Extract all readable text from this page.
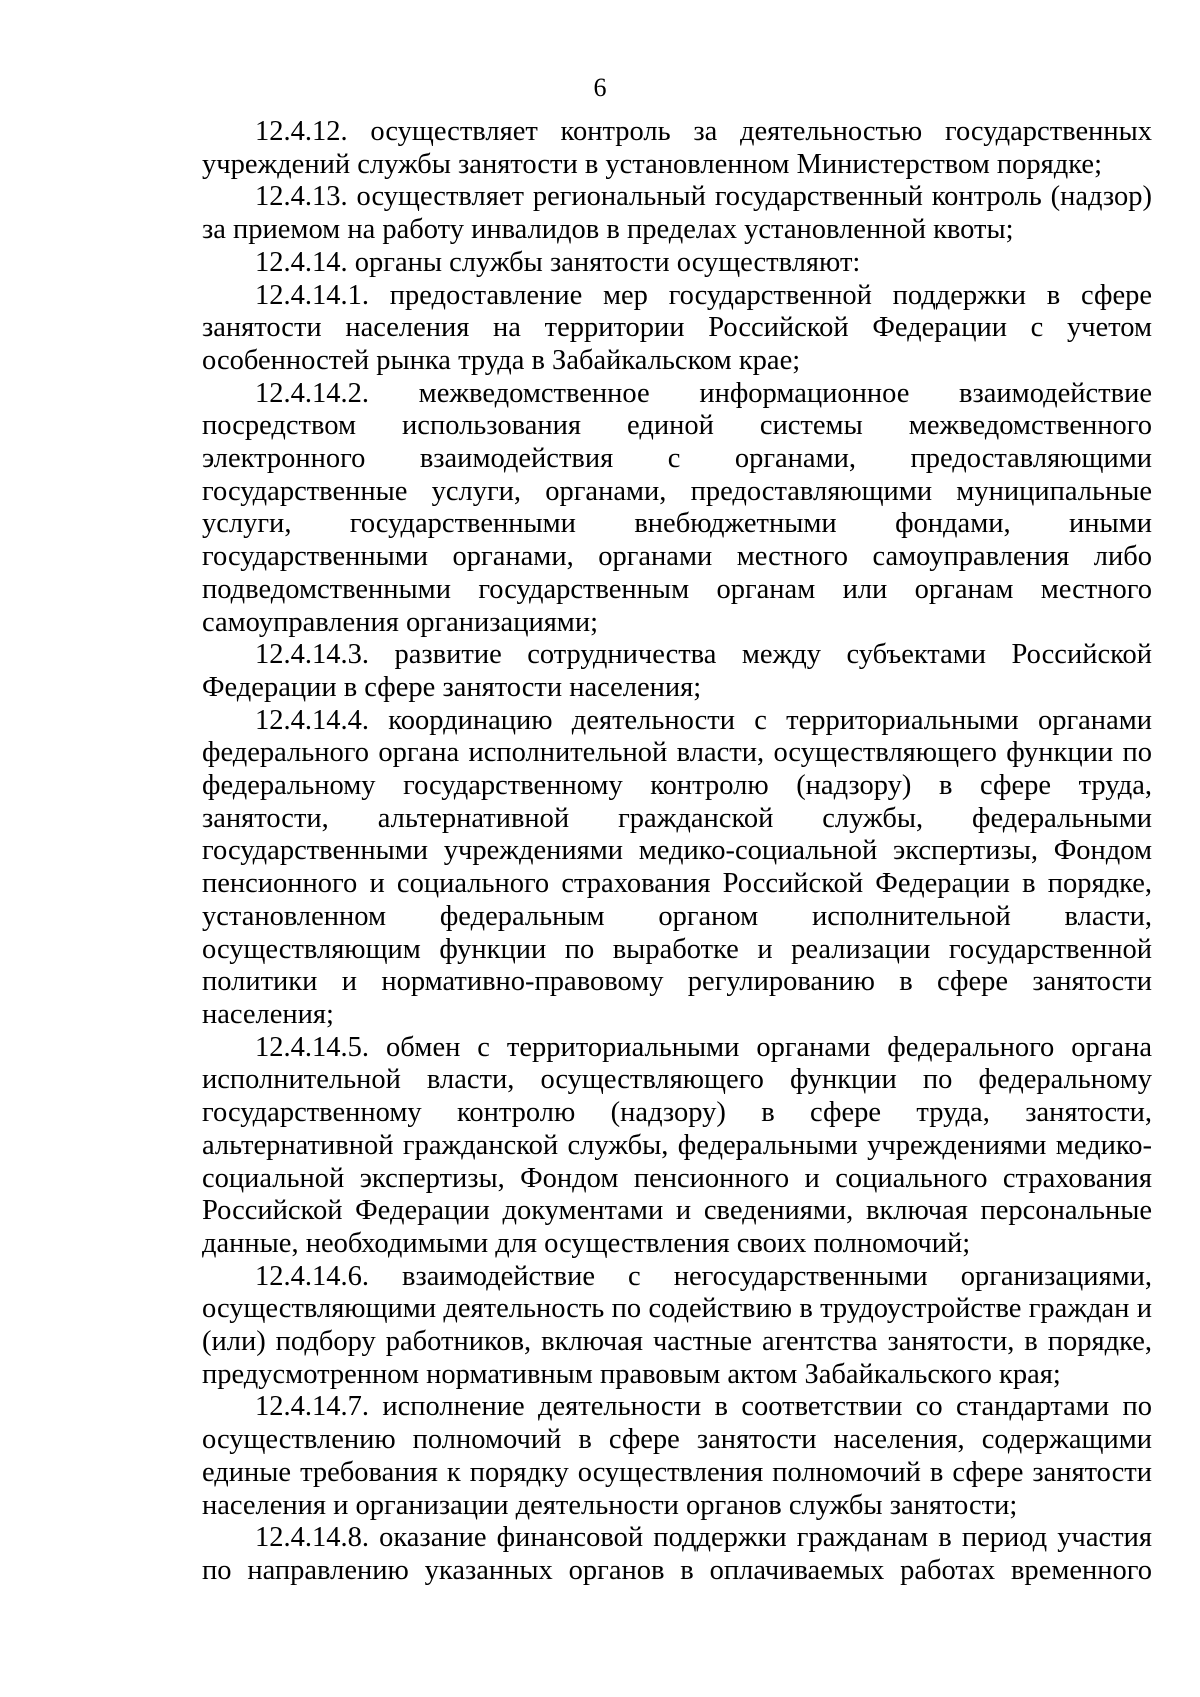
6

12.4.12. осуществляет контроль за деятельностью государственных учреждений службы занятости в установленном Министерством порядке;

12.4.13. осуществляет региональный государственный контроль (надзор) за приемом на работу инвалидов в пределах установленной квоты;

12.4.14. органы службы занятости осуществляют:

12.4.14.1. предоставление мер государственной поддержки в сфере занятости населения на территории Российской Федерации с учетом особенностей рынка труда в Забайкальском крае;

12.4.14.2. межведомственное информационное взаимодействие посредством использования единой системы межведомственного электронного взаимодействия с органами, предоставляющими государственные услуги, органами, предоставляющими муниципальные услуги, государственными внебюджетными фондами, иными государственными органами, органами местного самоуправления либо подведомственными государственным органам или органам местного самоуправления организациями;

12.4.14.3. развитие сотрудничества между субъектами Российской Федерации в сфере занятости населения;

12.4.14.4. координацию деятельности с территориальными органами федерального органа исполнительной власти, осуществляющего функции по федеральному государственному контролю (надзору) в сфере труда, занятости, альтернативной гражданской службы, федеральными государственными учреждениями медико-социальной экспертизы, Фондом пенсионного и социального страхования Российской Федерации в порядке, установленном федеральным органом исполнительной власти, осуществляющим функции по выработке и реализации государственной политики и нормативно-правовому регулированию в сфере занятости населения;

12.4.14.5. обмен с территориальными органами федерального органа исполнительной власти, осуществляющего функции по федеральному государственному контролю (надзору) в сфере труда, занятости, альтернативной гражданской службы, федеральными учреждениями медико-социальной экспертизы, Фондом пенсионного и социального страхования Российской Федерации документами и сведениями, включая персональные данные, необходимыми для осуществления своих полномочий;

12.4.14.6. взаимодействие с негосударственными организациями, осуществляющими деятельность по содействию в трудоустройстве граждан и (или) подбору работников, включая частные агентства занятости, в порядке, предусмотренном нормативным правовым актом Забайкальского края;

12.4.14.7. исполнение деятельности в соответствии со стандартами по осуществлению полномочий в сфере занятости населения, содержащими единые требования к порядку осуществления полномочий в сфере занятости населения и организации деятельности органов службы занятости;

12.4.14.8. оказание финансовой поддержки гражданам в период участия по направлению указанных органов в оплачиваемых работах временного
